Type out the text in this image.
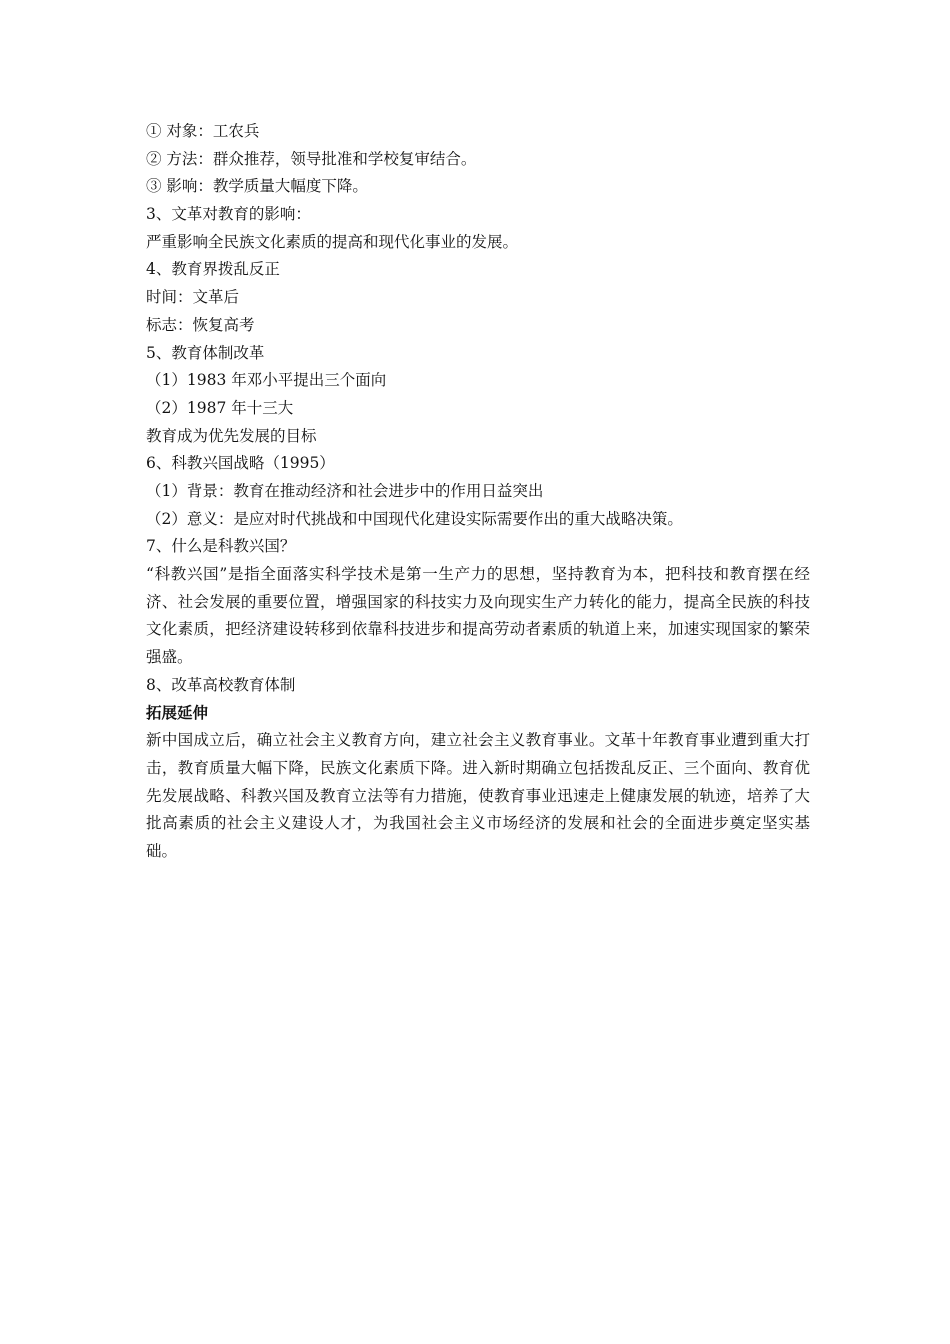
① 对象：工农兵

② 方法：群众推荐，领导批准和学校复审结合。

③ 影响：教学质量大幅度下降。

3、文革对教育的影响：

严重影响全民族文化素质的提高和现代化事业的发展。

4、教育界拨乱反正

时间：文革后

标志：恢复高考

5、教育体制改革

（1）1983 年邓小平提出三个面向

（2）1987 年十三大

教育成为优先发展的目标

6、科教兴国战略（1995）

（1）背景：教育在推动经济和社会进步中的作用日益突出

（2）意义：是应对时代挑战和中国现代化建设实际需要作出的重大战略决策。

7、什么是科教兴国？

“科教兴国”是指全面落实科学技术是第一生产力的思想，坚持教育为本，把科技和教育摆在经济、社会发展的重要位置，增强国家的科技实力及向现实生产力转化的能力，提高全民族的科技文化素质，把经济建设转移到依靠科技进步和提高劳动者素质的轨道上来，加速实现国家的繁荣强盛。

8、改革高校教育体制

拓展延伸

新中国成立后，确立社会主义教育方向，建立社会主义教育事业。文革十年教育事业遭到重大打击，教育质量大幅下降，民族文化素质下降。进入新时期确立包括拨乱反正、三个面向、教育优先发展战略、科教兴国及教育立法等有力措施，使教育事业迅速走上健康发展的轨迹，培养了大批高素质的社会主义建设人才，为我国社会主义市场经济的发展和社会的全面进步奠定坚实基础。
